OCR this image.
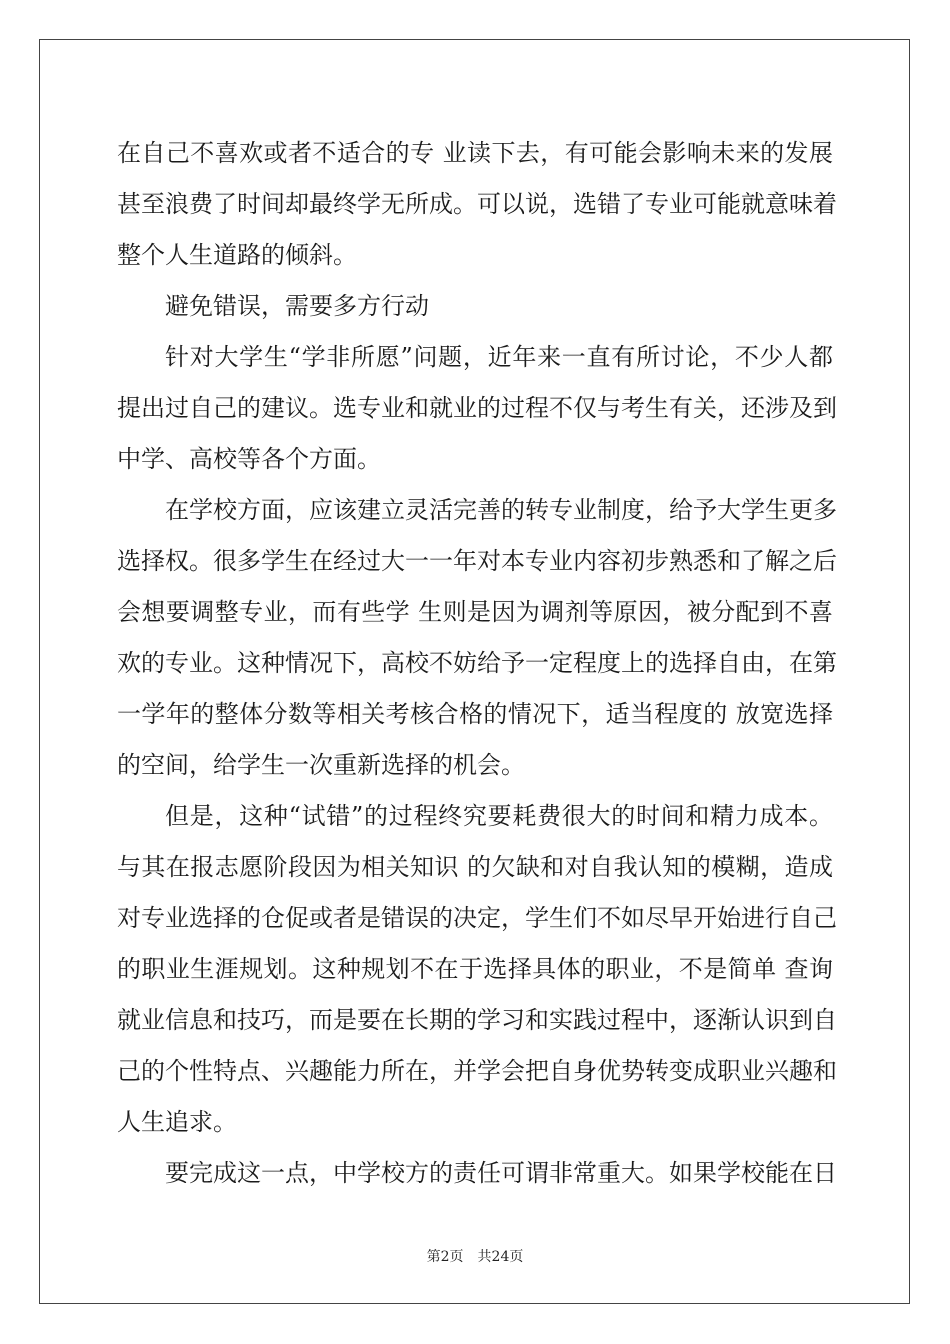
在自己不喜欢或者不适合的专 业读下去，有可能会影响未来的发展
甚至浪费了时间却最终学无所成。可以说，选错了专业可能就意味着
整个人生道路的倾斜。
避免错误，需要多方行动
针对大学生“学非所愿”问题，近年来一直有所讨论，不少人都
提出过自己的建议。选专业和就业的过程不仅与考生有关，还涉及到
中学、高校等各个方面。
在学校方面，应该建立灵活完善的转专业制度，给予大学生更多
选择权。很多学生在经过大一一年对本专业内容初步熟悉和了解之后
会想要调整专业，而有些学 生则是因为调剂等原因，被分配到不喜
欢的专业。这种情况下，高校不妨给予一定程度上的选择自由，在第
一学年的整体分数等相关考核合格的情况下，适当程度的 放宽选择
的空间，给学生一次重新选择的机会。
但是，这种“试错”的过程终究要耗费很大的时间和精力成本。
与其在报志愿阶段因为相关知识 的欠缺和对自我认知的模糊，造成
对专业选择的仓促或者是错误的决定，学生们不如尽早开始进行自己
的职业生涯规划。这种规划不在于选择具体的职业，不是简单 查询
就业信息和技巧，而是要在长期的学习和实践过程中，逐渐认识到自
己的个性特点、兴趣能力所在，并学会把自身优势转变成职业兴趣和
人生追求。
要完成这一点，中学校方的责任可谓非常重大。如果学校能在日
第2页 共24页
